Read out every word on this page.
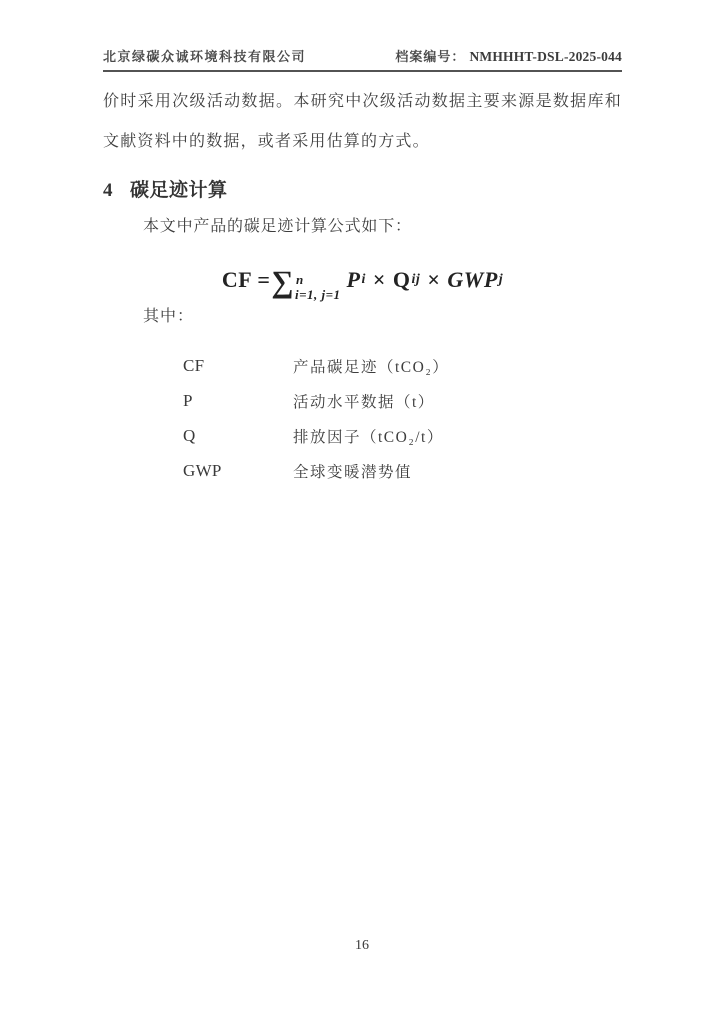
北京绿碳众诚环境科技有限公司	档案编号： NMHHHT-DSL-2025-044

价时采用次级活动数据。本研究中次级活动数据主要来源是数据库和文献资料中的数据，或者采用估算的方式。

4 碳足迹计算

本文中产品的碳足迹计算公式如下：

CF = ∑ n
i=1, j=1
P i × Q ij × GWP j

其中：

CF	产品碳足迹（tCO₂）
P	活动水平数据（t）
Q	排放因子（tCO₂/t）
GWP	全球变暖潜势值
16
